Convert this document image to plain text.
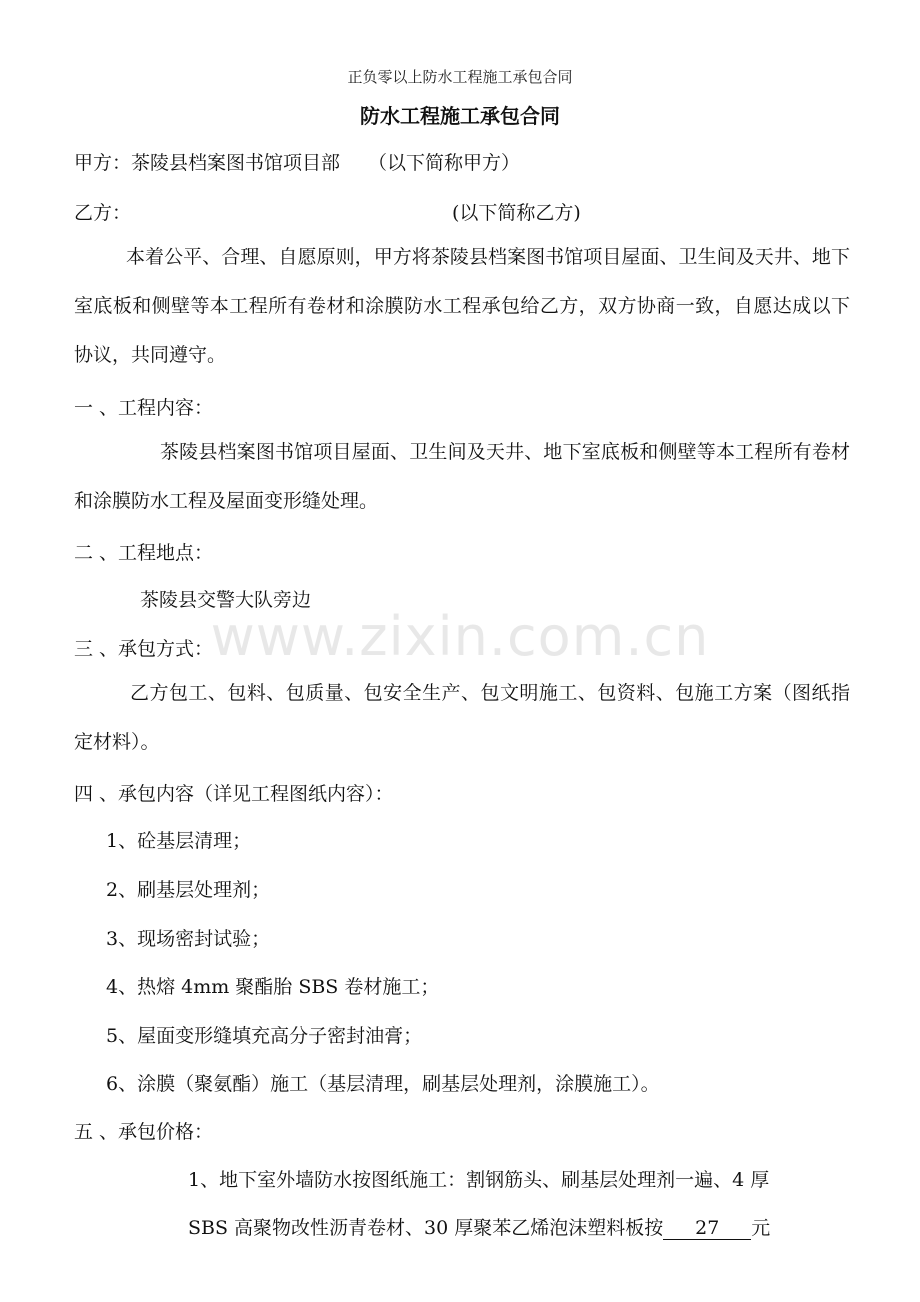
正负零以上防水工程施工承包合同
防水工程施工承包合同
甲方：茶陵县档案图书馆项目部 （以下简称甲方）
乙方：	(以下简称乙方)
本着公平、合理、自愿原则，甲方将茶陵县档案图书馆项目屋面、卫生间及天井、地下室底板和侧壁等本工程所有卷材和涂膜防水工程承包给乙方，双方协商一致，自愿达成以下协议，共同遵守。
一 、工程内容：
茶陵县档案图书馆项目屋面、卫生间及天井、地下室底板和侧壁等本工程所有卷材和涂膜防水工程及屋面变形缝处理。
二 、工程地点：
茶陵县交警大队旁边
三 、承包方式：
乙方包工、包料、包质量、包安全生产、包文明施工、包资料、包施工方案（图纸指定材料）。
四 、承包内容（详见工程图纸内容）：
1、砼基层清理；
2、刷基层处理剂；
3、现场密封试验；
4、热熔 4mm 聚酯胎 SBS 卷材施工；
5、屋面变形缝填充高分子密封油膏；
6、涂膜（聚氨酯）施工（基层清理，刷基层处理剂，涂膜施工）。
五 、承包价格：
1、地下室外墙防水按图纸施工：割钢筋头、刷基层处理剂一遍、4 厚
SBS 高聚物改性沥青卷材、30 厚聚苯乙烯泡沫塑料板按 27 元
www.zixin.com.cn
